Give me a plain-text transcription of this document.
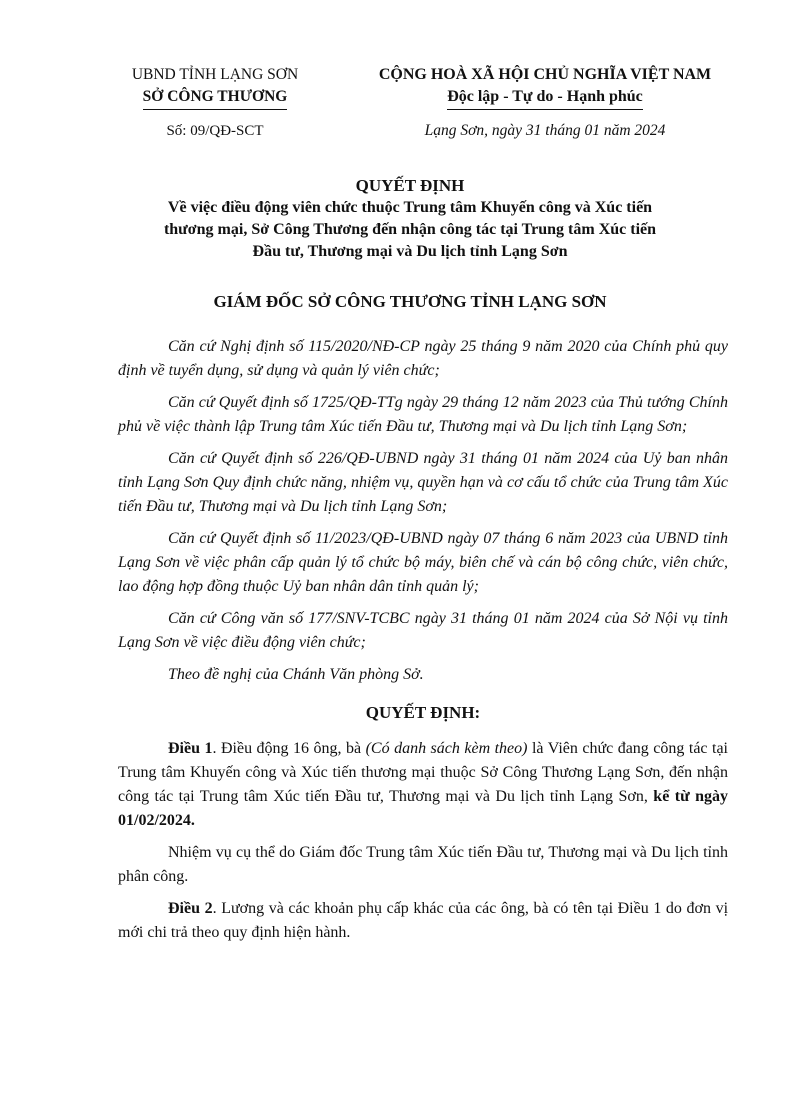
UBND TỈNH LẠNG SƠN
SỞ CÔNG THƯƠNG
Số: 09/QĐ-SCT
CỘNG HOÀ XÃ HỘI CHỦ NGHĨA VIỆT NAM
Độc lập - Tự do - Hạnh phúc
Lạng Sơn, ngày 31 tháng 01 năm 2024
QUYẾT ĐỊNH
Về việc điều động viên chức thuộc Trung tâm Khuyến công và Xúc tiến
thương mại, Sở Công Thương đến nhận công tác tại Trung tâm Xúc tiến
Đầu tư, Thương mại và Du lịch tỉnh Lạng Sơn
GIÁM ĐỐC SỞ CÔNG THƯƠNG TỈNH LẠNG SƠN

Căn cứ Nghị định số 115/2020/NĐ-CP ngày 25 tháng 9 năm 2020 của Chính phủ quy định về tuyển dụng, sử dụng và quản lý viên chức;

Căn cứ Quyết định số 1725/QĐ-TTg ngày 29 tháng 12 năm 2023 của Thủ tướng Chính phủ về việc thành lập Trung tâm Xúc tiến Đầu tư, Thương mại và Du lịch tỉnh Lạng Sơn;

Căn cứ Quyết định số 226/QĐ-UBND ngày 31 tháng 01 năm 2024 của Uỷ ban nhân tỉnh Lạng Sơn Quy định chức năng, nhiệm vụ, quyền hạn và cơ cấu tổ chức của Trung tâm Xúc tiến Đầu tư, Thương mại và Du lịch tỉnh Lạng Sơn;

Căn cứ Quyết định số 11/2023/QĐ-UBND ngày 07 tháng 6 năm 2023 của UBND tỉnh Lạng Sơn về việc phân cấp quản lý tổ chức bộ máy, biên chế và cán bộ công chức, viên chức, lao động hợp đồng thuộc Uỷ ban nhân dân tỉnh quản lý;

Căn cứ Công văn số 177/SNV-TCBC ngày 31 tháng 01 năm 2024 của Sở Nội vụ tỉnh Lạng Sơn về việc điều động viên chức;

Theo đề nghị của Chánh Văn phòng Sở.

QUYẾT ĐỊNH:

Điều 1. Điều động 16 ông, bà (Có danh sách kèm theo) là Viên chức đang công tác tại Trung tâm Khuyến công và Xúc tiến thương mại thuộc Sở Công Thương Lạng Sơn, đến nhận công tác tại Trung tâm Xúc tiến Đầu tư, Thương mại và Du lịch tỉnh Lạng Sơn, kể từ ngày 01/02/2024.

Nhiệm vụ cụ thể do Giám đốc Trung tâm Xúc tiến Đầu tư, Thương mại và Du lịch tỉnh phân công.

Điều 2. Lương và các khoản phụ cấp khác của các ông, bà có tên tại Điều 1 do đơn vị mới chi trả theo quy định hiện hành.
